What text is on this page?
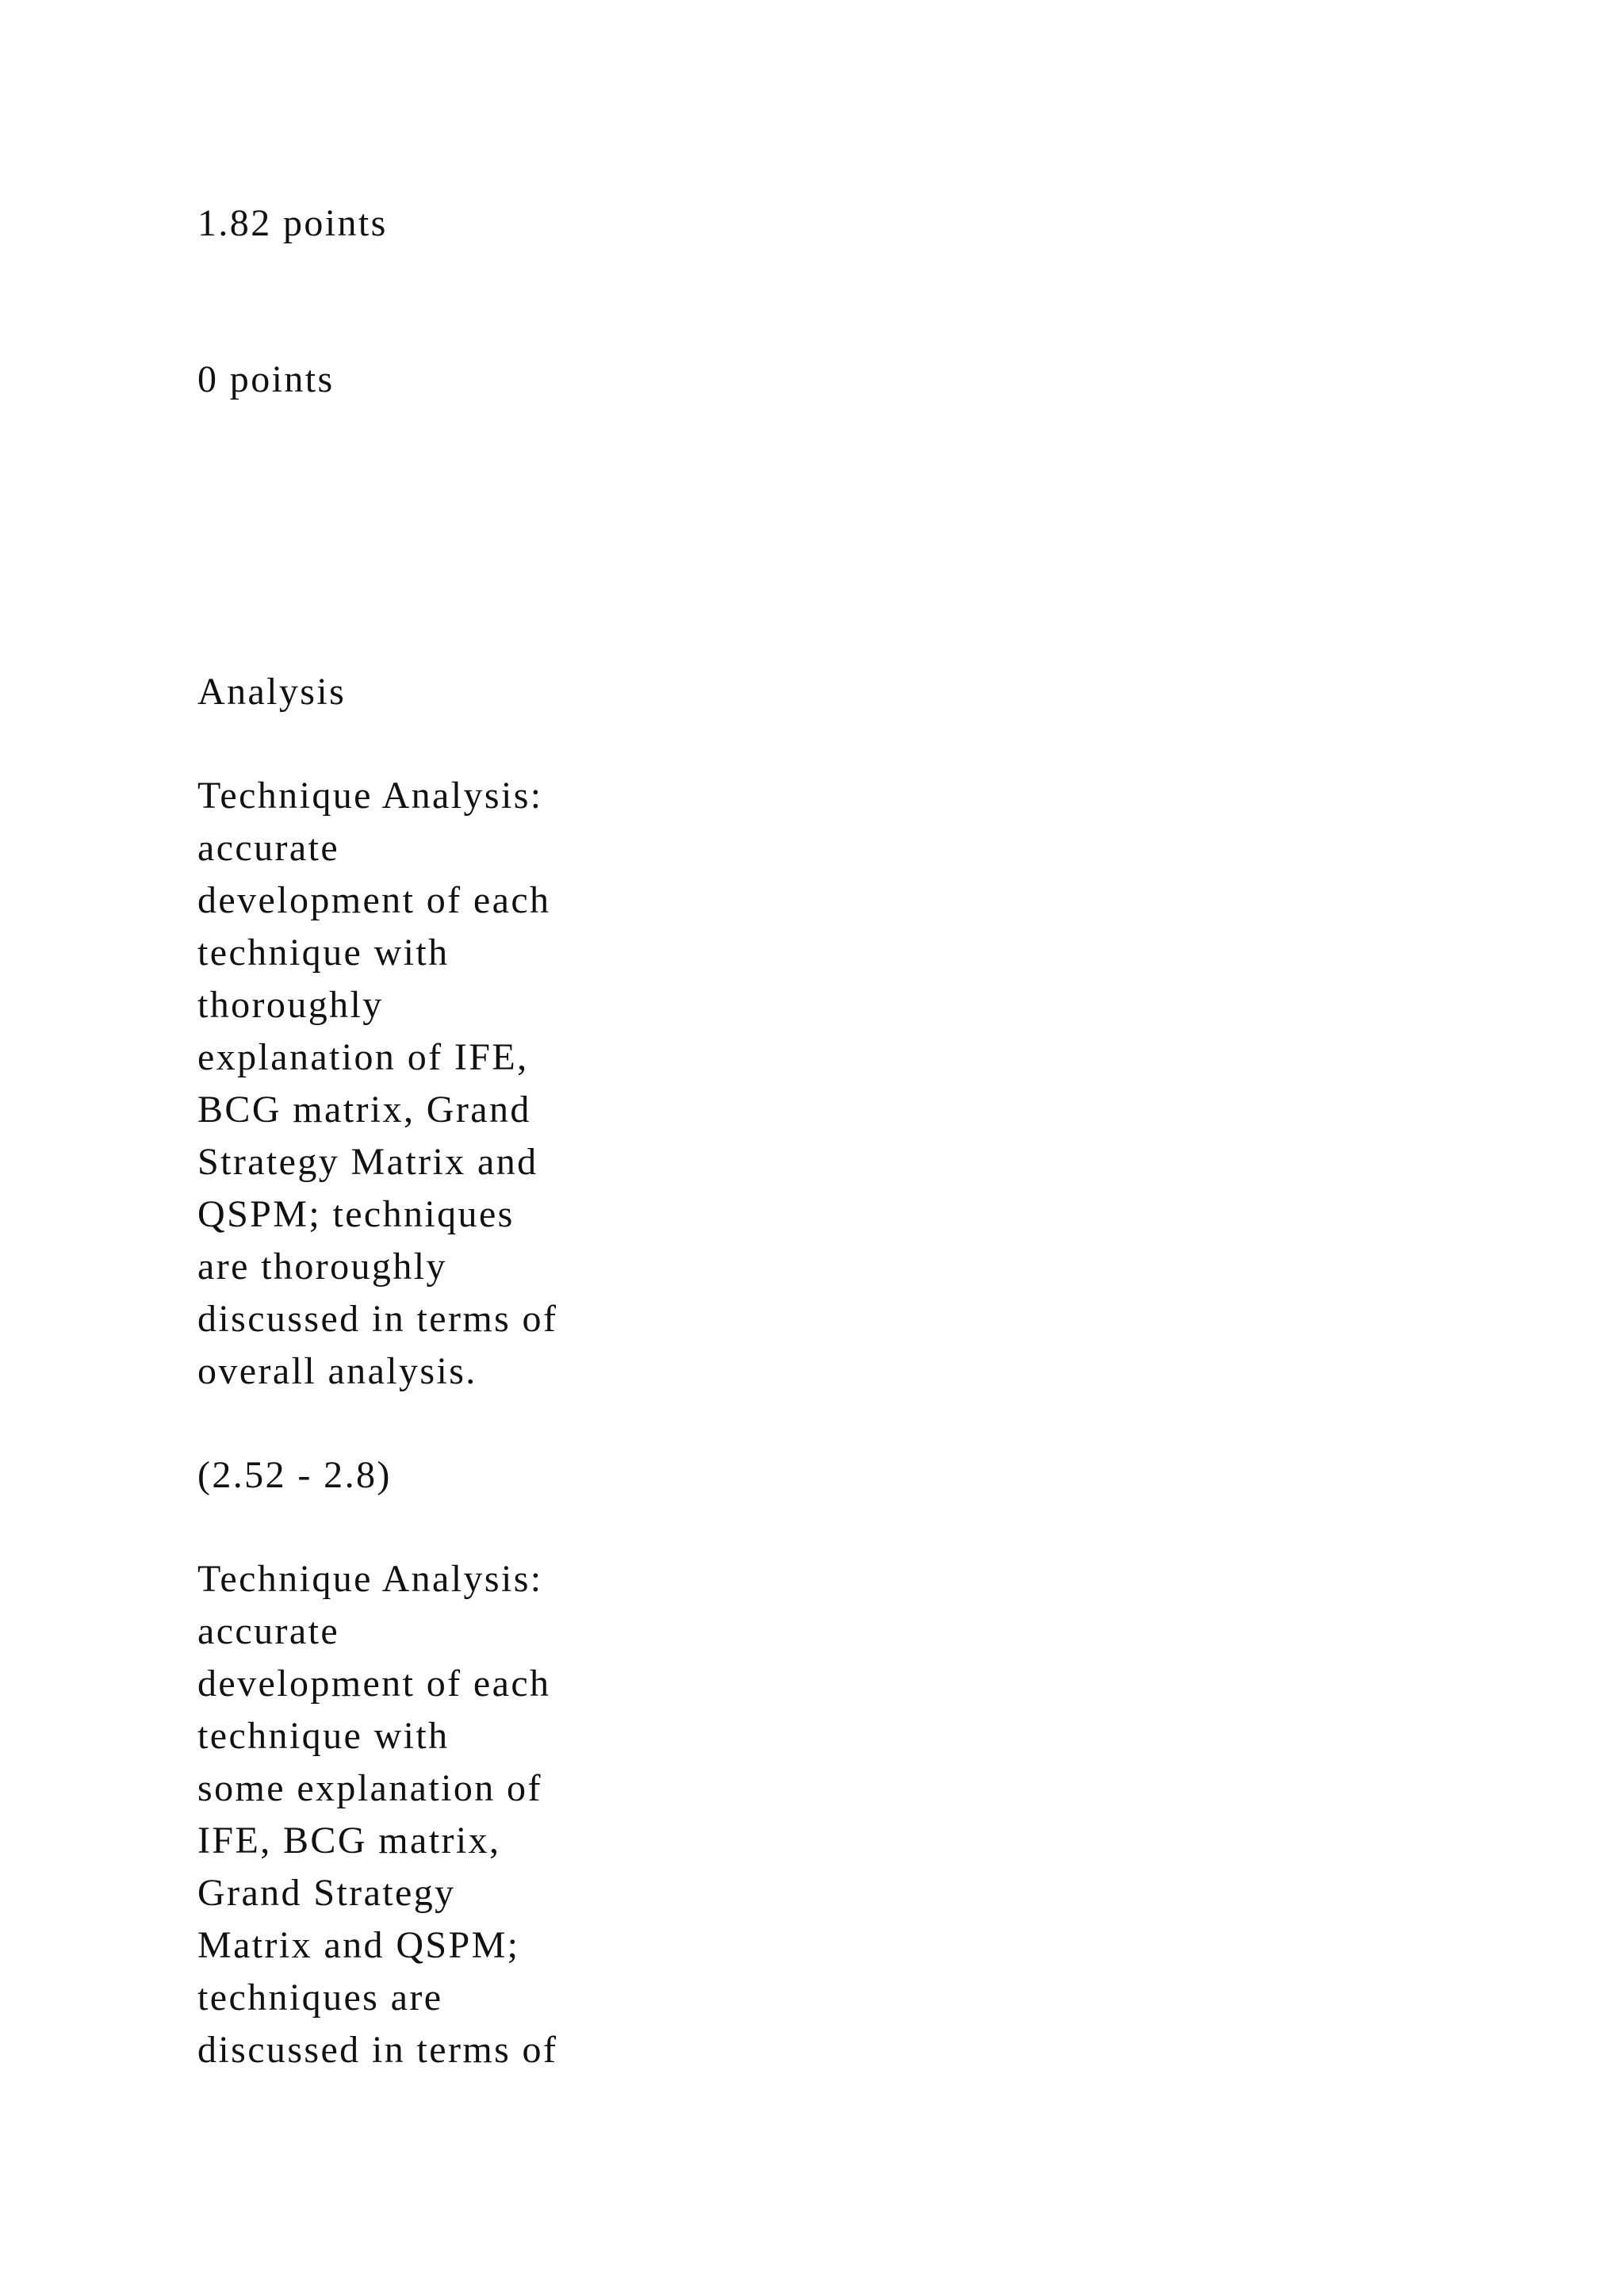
1.82 points

0 points

Analysis

Technique Analysis:

accurate

development of each

technique with

thoroughly

explanation of IFE,

BCG matrix, Grand

Strategy Matrix and

QSPM; techniques

are thoroughly

discussed in terms of

overall analysis.

(2.52 - 2.8)

Technique Analysis:

accurate

development of each

technique with

some explanation of

IFE, BCG matrix,

Grand Strategy

Matrix and QSPM;

techniques are

discussed in terms of
